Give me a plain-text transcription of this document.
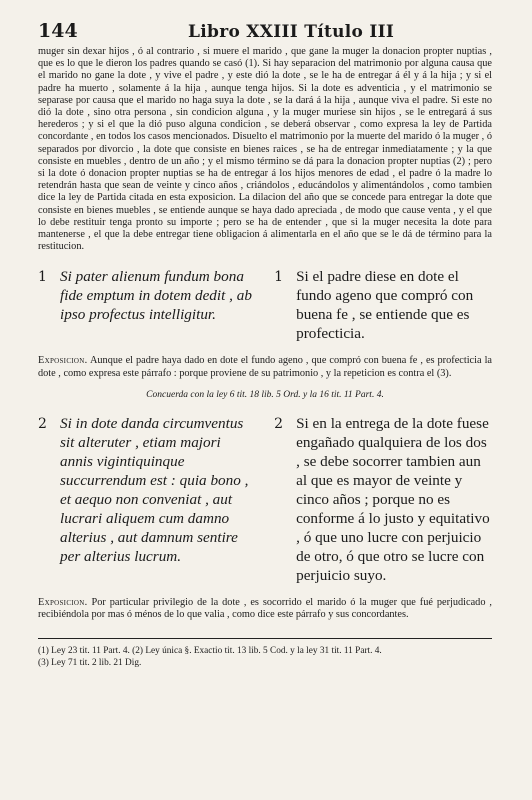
144	Libro XXIII Título III

muger sin dexar hijos , ó al contrario , si muere el marido , que gane la muger la donacion propter nuptias , que es lo que le dieron los padres quando se casó (1). Si hay separacion del matrimonio por alguna causa que el marido no gane la dote , y vive el padre , y este dió la dote , se le ha de entregar á él y á la hija ; y si el padre ha muerto , solamente á la hija , aunque tenga hijos. Si la dote es adventicia , y el matrimonio se separase por causa que el marido no haga suya la dote , se la dará á la hija , aunque viva el padre. Si este no dió la dote , sino otra persona , sin condicion alguna , y la muger muriese sin hijos , se le entregará á sus herederos ; y si el que la dió puso alguna condicion , se deberá observar , como expresa la ley de Partida concordante , en todos los casos mencionados. Disuelto el matrimonio por la muerte del marido ó la muger , ó separados por divorcio , la dote que consiste en bienes raices , se ha de entregar inmediatamente ; y la que consiste en muebles , dentro de un año ; y el mismo término se dá para la donacion propter nuptias (2) ; pero si la dote ó donacion propter nuptias se ha de entregar á los hijos menores de edad , el padre ó la madre lo retendrán hasta que sean de veinte y cinco años , criándolos , educándolos y alimentándolos , como tambien dice la ley de Partida citada en esta exposicion. La dilacion del año que se concede para entregar la dote que consiste en bienes muebles , se entiende aunque se haya dado apreciada , de modo que cause venta , y el que lo debe restituir tenga pronto su importe ; pero se ha de entender , que si la muger necesita la dote para mantenerse , el que la debe entregar tiene obligacion á alimentarla en el año que se le dá de término para la restitucion.

1 Si pater alienum fundum bona fide emptum in dotem dedit , ab ipso profectus intelligitur.
1 Si el padre diese en dote el fundo ageno que compró con buena fe , se entiende que es profecticia.

Exposicion. Aunque el padre haya dado en dote el fundo ageno , que compró con buena fe , es profecticia la dote , como expresa este párrafo : porque proviene de su patrimonio , y la repeticion es contra el (3).

Concuerda con la ley 6 tit. 18 lib. 5 Ord. y la 16 tit. 11 Part. 4.
2 Si in dote danda circumventus sit alteruter , etiam majori annis vigintiquinque succurrendum est : quia bono , et aequo non conveniat , aut lucrari aliquem cum damno alterius , aut damnum sentire per alterius lucrum.
2 Si en la entrega de la dote fuese engañado qualquiera de los dos , se debe socorrer tambien aun al que es mayor de veinte y cinco años ; porque no es conforme á lo justo y equitativo , ó que uno lucre con perjuicio de otro, ó que otro se lucre con perjuicio suyo.

Exposicion. Por particular privilegio de la dote , es socorrido el marido ó la muger que fué perjudicado , recibiéndola por mas ó ménos de lo que valia , como dice este párrafo y sus concordantes.

(1) Ley 23 tit. 11 Part. 4. (2) Ley única §. Exactio tit. 13 lib. 5 Cod. y la ley 31 tit. 11 Part. 4.
(3) Ley 71 tit. 2 lib. 21 Dig.
